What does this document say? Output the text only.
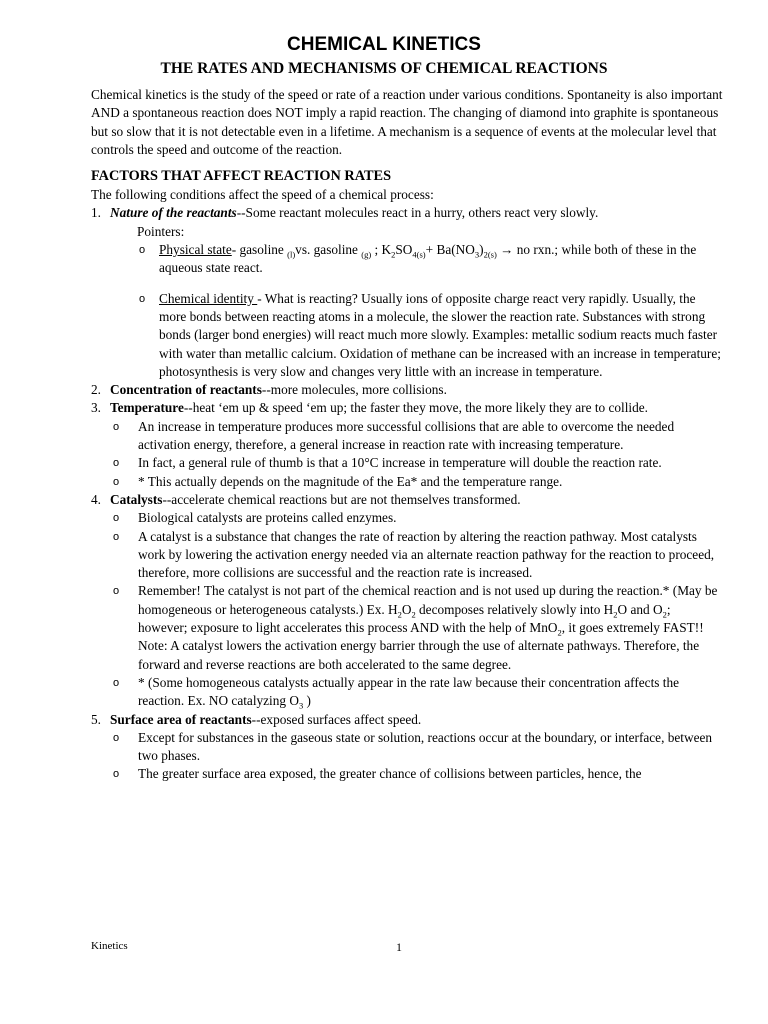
CHEMICAL KINETICS
THE RATES AND MECHANISMS OF CHEMICAL REACTIONS

Chemical kinetics is the study of the speed or rate of a reaction under various conditions. Spontaneity is also important AND a spontaneous reaction does NOT imply a rapid reaction. The changing of diamond into graphite is spontaneous but so slow that it is not detectable even in a lifetime. A mechanism is a sequence of events at the molecular level that controls the speed and outcome of the reaction.

FACTORS THAT AFFECT REACTION RATES

The following conditions affect the speed of a chemical process:

1. Nature of the reactants--Some reactant molecules react in a hurry, others react very slowly.

Pointers:

o Physical state- gasoline $_{(l)}$vs. gasoline $_{(g)}$ ; $K_2SO_{4(s)}+ Ba(NO_3)_{2(s)}$ → no rxn.; while both of these in the aqueous state react.
o Chemical identity - What is reacting? Usually ions of opposite charge react very rapidly. Usually, the more bonds between reacting atoms in a molecule, the slower the reaction rate. Substances with strong bonds (larger bond energies) will react much more slowly. Examples: metallic sodium reacts much faster with water than metallic calcium. Oxidation of methane can be increased with an increase in temperature; photosynthesis is very slow and changes very little with an increase in temperature.
2. Concentration of reactants--more molecules, more collisions.
3. Temperature--heat ‘em up & speed ‘em up; the faster they move, the more likely they are to collide.
o An increase in temperature produces more successful collisions that are able to overcome the needed activation energy, therefore, a general increase in reaction rate with increasing temperature.
o In fact, a general rule of thumb is that a 10°C increase in temperature will double the reaction rate.
o * This actually depends on the magnitude of the Ea* and the temperature range.
4. Catalysts--accelerate chemical reactions but are not themselves transformed.
o Biological catalysts are proteins called enzymes.
o A catalyst is a substance that changes the rate of reaction by altering the reaction pathway. Most catalysts work by lowering the activation energy needed via an alternate reaction pathway for the reaction to proceed, therefore, more collisions are successful and the reaction rate is increased.
o Remember! The catalyst is not part of the chemical reaction and is not used up during the reaction.* (May be homogeneous or heterogeneous catalysts.) Ex. $H_2O_2$ decomposes relatively slowly into $H_2O$ and $O_2$; however; exposure to light accelerates this process AND with the help of MnO$_2$, it goes extremely FAST!! Note: A catalyst lowers the activation energy barrier through the use of alternate pathways. Therefore, the forward and reverse reactions are both accelerated to the same degree.
o * (Some homogeneous catalysts actually appear in the rate law because their concentration affects the reaction. Ex. NO catalyzing $O_3$ )
5. Surface area of reactants--exposed surfaces affect speed.
o Except for substances in the gaseous state or solution, reactions occur at the boundary, or interface, between two phases.
o The greater surface area exposed, the greater chance of collisions between particles, hence, the
Kinetics	1
